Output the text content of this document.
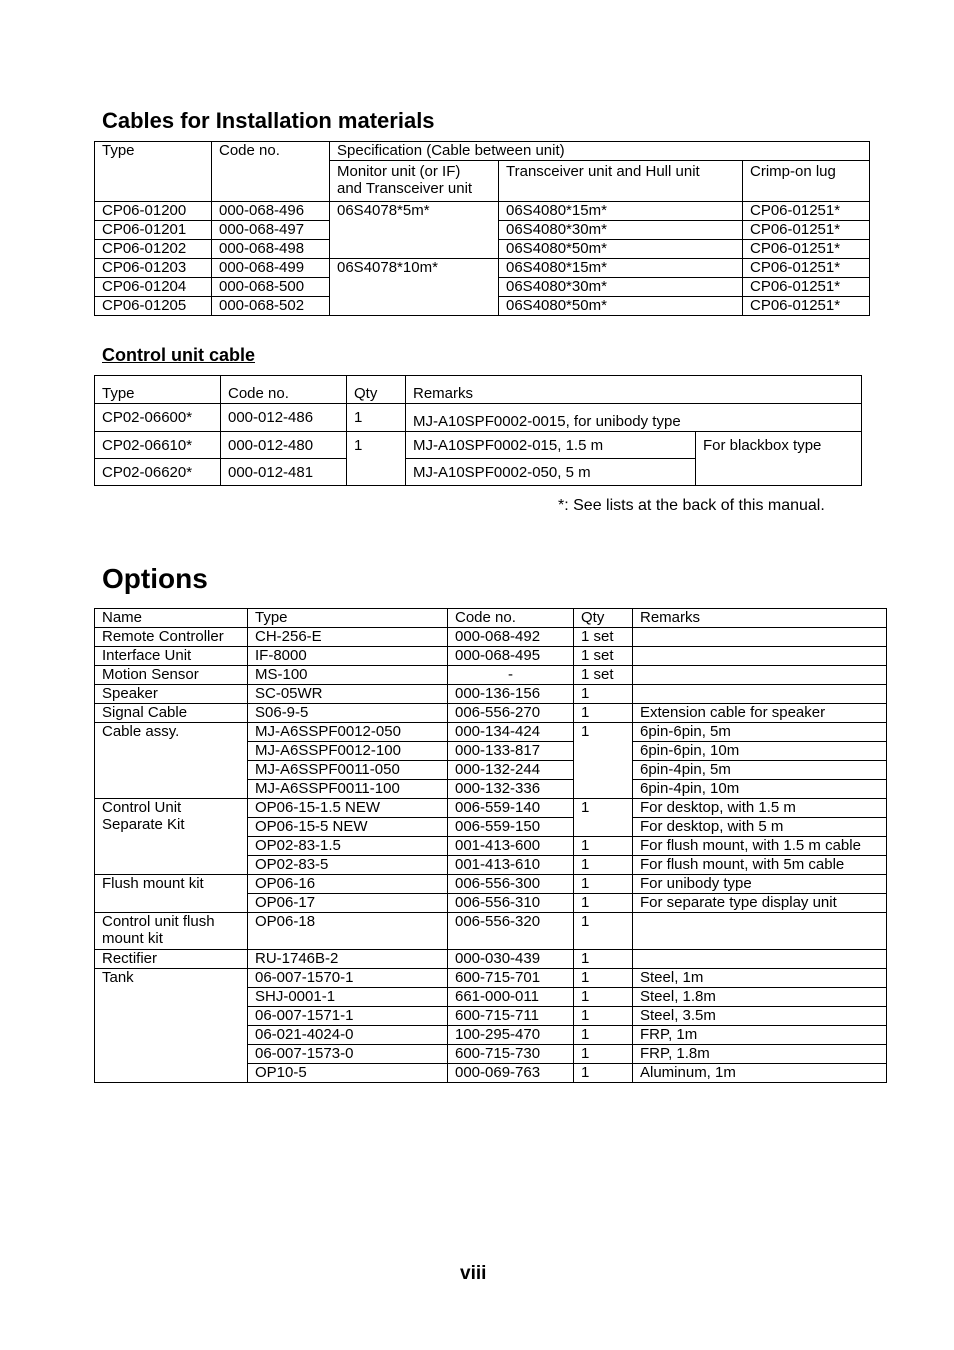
Cables for Installation materials
Type	Code no.	Specification (Cable between unit)		

		Monitor unit (or IF)
and Transceiver unit	Transceiver unit and Hull unit	Crimp-on lug
CP06-01200	000-068-496	06S4078*5m*	06S4080*15m*	CP06-01251*
CP06-01201	000-068-497		06S4080*30m*	CP06-01251*
CP06-01202	000-068-498		06S4080*50m*	CP06-01251*
CP06-01203	000-068-499	06S4078*10m*	06S4080*15m*	CP06-01251*
CP06-01204	000-068-500		06S4080*30m*	CP06-01251*
CP06-01205	000-068-502		06S4080*50m*	CP06-01251*
Control unit cable
Type	Code no.	Qty	Remarks	
CP02-06600*	000-012-486	1	MJ-A10SPF0002-0015, for unibody type	
CP02-06610*	000-012-480	1	MJ-A10SPF0002-015, 1.5 m	For blackbox type
CP02-06620*	000-012-481		MJ-A10SPF0002-050, 5 m	
*: See lists at the back of this manual.
Options
Name	Type	Code no.	Qty	Remarks
Remote Controller	CH-256-E	000-068-492	1 set	
Interface Unit	IF-8000	000-068-495	1 set	
Motion Sensor	MS-100	-	1 set	
Speaker	SC-05WR	000-136-156	1	
Signal Cable	S06-9-5	006-556-270	1	Extension cable for speaker
Cable assy.	MJ-A6SSPF0012-050	000-134-424	1	6pin-6pin, 5m
	MJ-A6SSPF0012-100	000-133-817		6pin-6pin, 10m
	MJ-A6SSPF0011-050	000-132-244		6pin-4pin, 5m
	MJ-A6SSPF0011-100	000-132-336		6pin-4pin, 10m

Control Unit
Separate Kit	OP06-15-1.5 NEW	006-559-140	1	For desktop, with 1.5 m
	OP06-15-5 NEW	006-559-150		For desktop, with 5 m
	OP02-83-1.5	001-413-600	1	For flush mount, with 1.5 m cable
	OP02-83-5	001-413-610	1	For flush mount, with 5m cable
Flush mount kit	OP06-16	006-556-300	1	For unibody type
	OP06-17	006-556-310	1	For separate type display unit

Control unit flush
mount kit	OP06-18	006-556-320	1	
Rectifier	RU-1746B-2	000-030-439	1	
Tank	06-007-1570-1	600-715-701	1	Steel, 1m
	SHJ-0001-1	661-000-011	1	Steel, 1.8m
	06-007-1571-1	600-715-711	1	Steel, 3.5m
	06-021-4024-0	100-295-470	1	FRP, 1m
	06-007-1573-0	600-715-730	1	FRP, 1.8m
	OP10-5	000-069-763	1	Aluminum, 1m
viii
